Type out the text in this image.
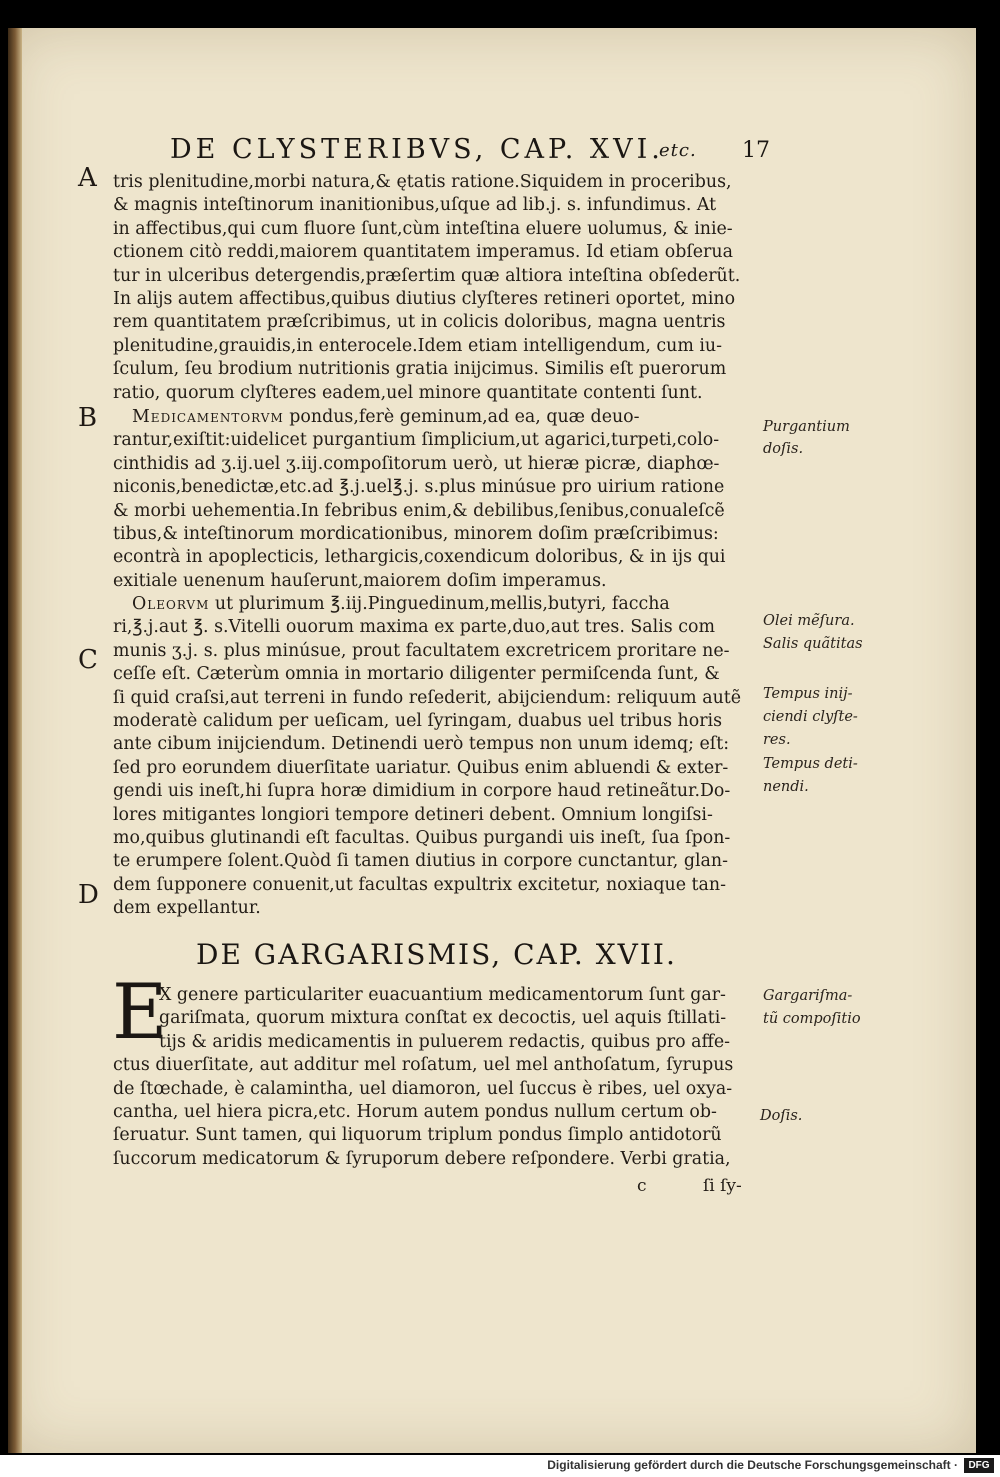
DE CLYSTERIBVS, CAP. XVI.
etc. 17
A
B
C
D
tris plenitudine,morbi natura,& ętatis ratione.Siquidem in proceribus,
& magnis inteſtinorum inanitionibus,uſque ad lib.j. s. infundimus. At
in affectibus,qui cum fluore ſunt,cùm inteſtina eluere uolumus, & inie-
ctionem citò reddi,maiorem quantitatem imperamus. Id etiam obſerua
tur in ulceribus detergendis,præſertim quæ altiora inteſtina obſederũt.
In alijs autem affectibus,quibus diutius clyſteres retineri oportet, mino
rem quantitatem præſcribimus, ut in colicis doloribus, magna uentris
plenitudine,grauidis,in enterocele.Idem etiam intelligendum, cum iu-
ſculum, ſeu brodium nutritionis gratia inijcimus. Similis eſt puerorum
ratio, quorum clyſteres eadem,uel minore quantitate contenti ſunt.
Medicamentorvm pondus,ferè geminum,ad ea, quæ deuo-
rantur,exiſtit:uidelicet purgantium ſimplicium,ut agarici,turpeti,colo-
cinthidis ad ʒ.ij.uel ʒ.iij.compoſitorum uerò, ut hieræ picræ, diaphœ-
niconis,benedictæ,etc.ad ℥.j.uel℥.j. s.plus minúsue pro uirium ratione
& morbi uehementia.In febribus enim,& debilibus,ſenibus,conualeſcẽ
tibus,& inteſtinorum mordicationibus, minorem doſim præſcribimus:
econtrà in apoplecticis, lethargicis,coxendicum doloribus, & in ijs qui
exitiale uenenum hauſerunt,maiorem doſim imperamus.
Oleorvm ut plurimum ℥.iij.Pinguedinum,mellis,butyri, faccha
ri,℥.j.aut ℥. s.Vitelli ouorum maxima ex parte,duo,aut tres. Salis com
munis ʒ.j. s. plus minúsue, prout facultatem excretricem proritare ne-
ceſſe eſt. Cæterùm omnia in mortario diligenter permiſcenda ſunt, &
ſi quid craſsi,aut terreni in fundo reſederit, abijciendum: reliquum autẽ
moderatè calidum per ueſicam, uel ſyringam, duabus uel tribus horis
ante cibum inijciendum. Detinendi uerò tempus non unum idemq; eſt:
ſed pro eorundem diuerſitate uariatur. Quibus enim abluendi & exter-
gendi uis ineſt,hi ſupra horæ dimidium in corpore haud retineãtur.Do-
lores mitigantes longiori tempore detineri debent. Omnium longiſsi-
mo,quibus glutinandi eſt facultas. Quibus purgandi uis ineſt, ſua ſpon-
te erumpere ſolent.Quòd ſi tamen diutius in corpore cunctantur, glan-
dem ſupponere conuenit,ut facultas expultrix excitetur, noxiaque tan-
dem expellantur.
DE GARGARISMIS, CAP. XVII.
E
X genere particulariter euacuantium medicamentorum ſunt gar-
gariſmata, quorum mixtura conſtat ex decoctis, uel aquis ſtillati-
tijs & aridis medicamentis in puluerem redactis, quibus pro affe-
ctus diuerſitate, aut additur mel roſatum, uel mel anthoſatum, ſyrupus
de ſtœchade, è calamintha, uel diamoron, uel ſuccus è ribes, uel oxya-
cantha, uel hiera picra,etc. Horum autem pondus nullum certum ob-
ſeruatur. Sunt tamen, qui liquorum triplum pondus ſimplo antidotorũ
ſuccorum medicatorum & ſyruporum debere reſpondere. Verbi gratia,
c	ſi ſy-
Purgantium
doſis.
Olei mẽſura.
Salis quãtitas
Tempus inij-
ciendi clyſte-
res.
Tempus deti-
nendi.
Gargariſma-
tũ compoſitio
Doſis.
Digitalisierung gefördert durch die Deutsche Forschungsgemeinschaft ·	DFG
